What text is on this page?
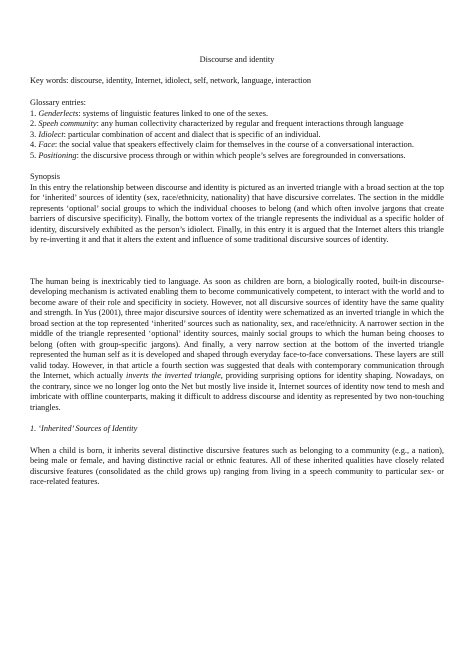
Discourse and identity

Key words: discourse, identity, Internet, idiolect, self, network, language, interaction

Glossary entries:

1. Genderlects: systems of linguistic features linked to one of the sexes.

2. Speeh community: any human collectivity characterized by regular and frequent interactions through language

3. Idiolect: particular combination of accent and dialect that is specific of an individual.

4. Face: the social value that speakers effectively claim for themselves in the course of a conversational interaction.

5. Positioning: the discursive process through or within which people’s selves are foregrounded in conversations.

Synopsis

In this entry the relationship between discourse and identity is pictured as an inverted triangle with a broad section at the top for ‘inherited’ sources of identity (sex, race/ethnicity, nationality) that have discursive correlates. The section in the middle represents ‘optional’ social groups to which the individual chooses to belong (and which often involve jargons that create barriers of discursive specificity). Finally, the bottom vortex of the triangle represents the individual as a specific holder of identity, discursively exhibited as the person’s idiolect. Finally, in this entry it is argued that the Internet alters this triangle by re-inverting it and that it alters the extent and influence of some traditional discursive sources of identity.

The human being is inextricably tied to language. As soon as children are born, a biologically rooted, built-in discourse-developing mechanism is activated enabling them to become communicatively competent, to interact with the world and to become aware of their role and specificity in society. However, not all discursive sources of identity have the same quality and strength. In Yus (2001), three major discursive sources of identity were schematized as an inverted triangle in which the broad section at the top represented ‘inherited’ sources such as nationality, sex, and race/ethnicity. A narrower section in the middle of the triangle represented ‘optional’ identity sources, mainly social groups to which the human being chooses to belong (often with group-specific jargons). And finally, a very narrow section at the bottom of the inverted triangle represented the human self as it is developed and shaped through everyday face-to-face conversations. These layers are still valid today. However, in that article a fourth section was suggested that deals with contemporary communication through the Internet, which actually inverts the inverted triangle, providing surprising options for identity shaping. Nowadays, on the contrary, since we no longer log onto the Net but mostly live inside it, Internet sources of identity now tend to mesh and imbricate with offline counterparts, making it difficult to address discourse and identity as represented by two non-touching triangles.

1. ‘Inherited’ Sources of Identity

When a child is born, it inherits several distinctive discursive features such as belonging to a community (e.g., a nation), being male or female, and having distinctive racial or ethnic features. All of these inherited qualities have closely related discursive features (consolidated as the child grows up) ranging from living in a speech community to particular sex- or race-related features.
